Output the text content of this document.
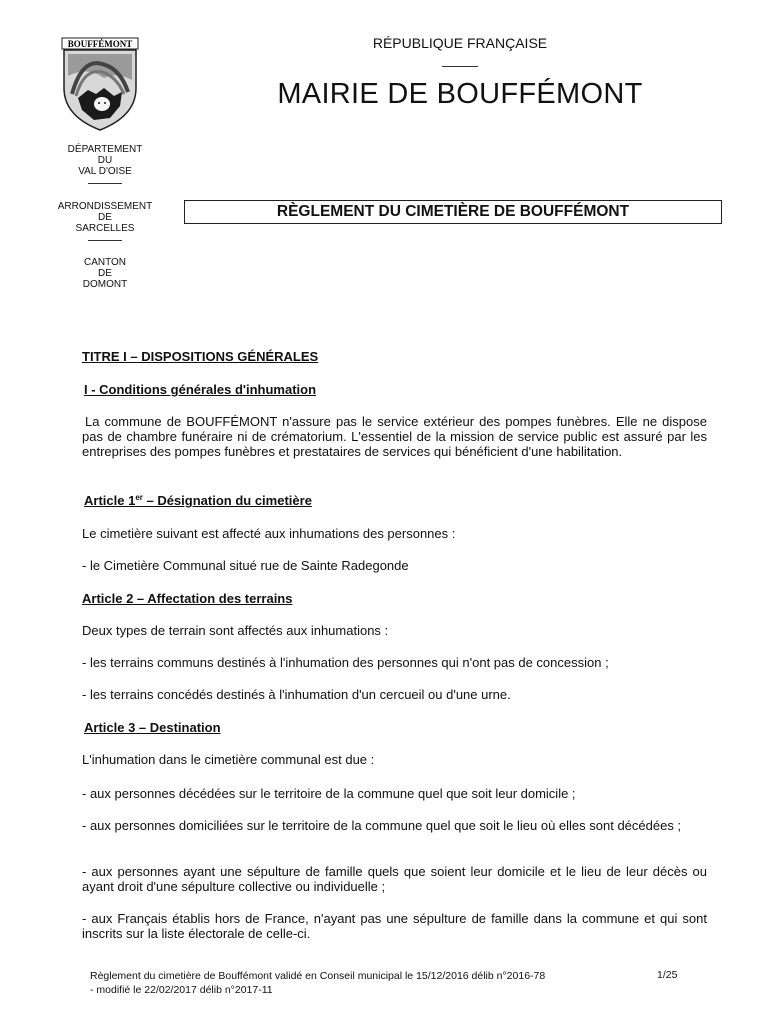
BOUFFÉMONT
DÉPARTEMENT
DU
VAL D'OISE
ARRONDISSEMENT
DE
SARCELLES
CANTON
DE
DOMONT
RÉPUBLIQUE FRANÇAISE
MAIRIE DE BOUFFÉMONT
RÈGLEMENT DU CIMETIÈRE DE BOUFFÉMONT
TITRE I – DISPOSITIONS GÉNÉRALES
I - Conditions générales d'inhumation
La commune de BOUFFÉMONT n'assure pas le service extérieur des pompes funèbres. Elle ne dispose pas de chambre funéraire ni de crématorium. L'essentiel de la mission de service public est assuré par les entreprises des pompes funèbres et prestataires de services qui bénéficient d'une habilitation.
Article 1er – Désignation du cimetière
Le cimetière suivant est affecté aux inhumations des personnes :
- le Cimetière Communal situé rue de Sainte Radegonde
Article 2 – Affectation des terrains
Deux types de terrain sont affectés aux inhumations :
- les terrains communs destinés à l'inhumation des personnes qui n'ont pas de concession ;
- les terrains concédés destinés à l'inhumation d'un cercueil ou d'une urne.
Article 3 – Destination
L'inhumation dans le cimetière communal est due :
- aux personnes décédées sur le territoire de la commune quel que soit leur domicile ;
- aux personnes domiciliées sur le territoire de la commune quel que soit le lieu où elles sont décédées ;
- aux personnes ayant une sépulture de famille quels que soient leur domicile et le lieu de leur décès ou ayant droit d'une sépulture collective ou individuelle ;
- aux Français établis hors de France, n'ayant pas une sépulture de famille dans la commune et qui sont inscrits sur la liste électorale de celle-ci.
Règlement du cimetière de Bouffémont validé en Conseil municipal le 15/12/2016 délib n°2016-78
- modifié le 22/02/2017 délib n°2017-11
1/25
